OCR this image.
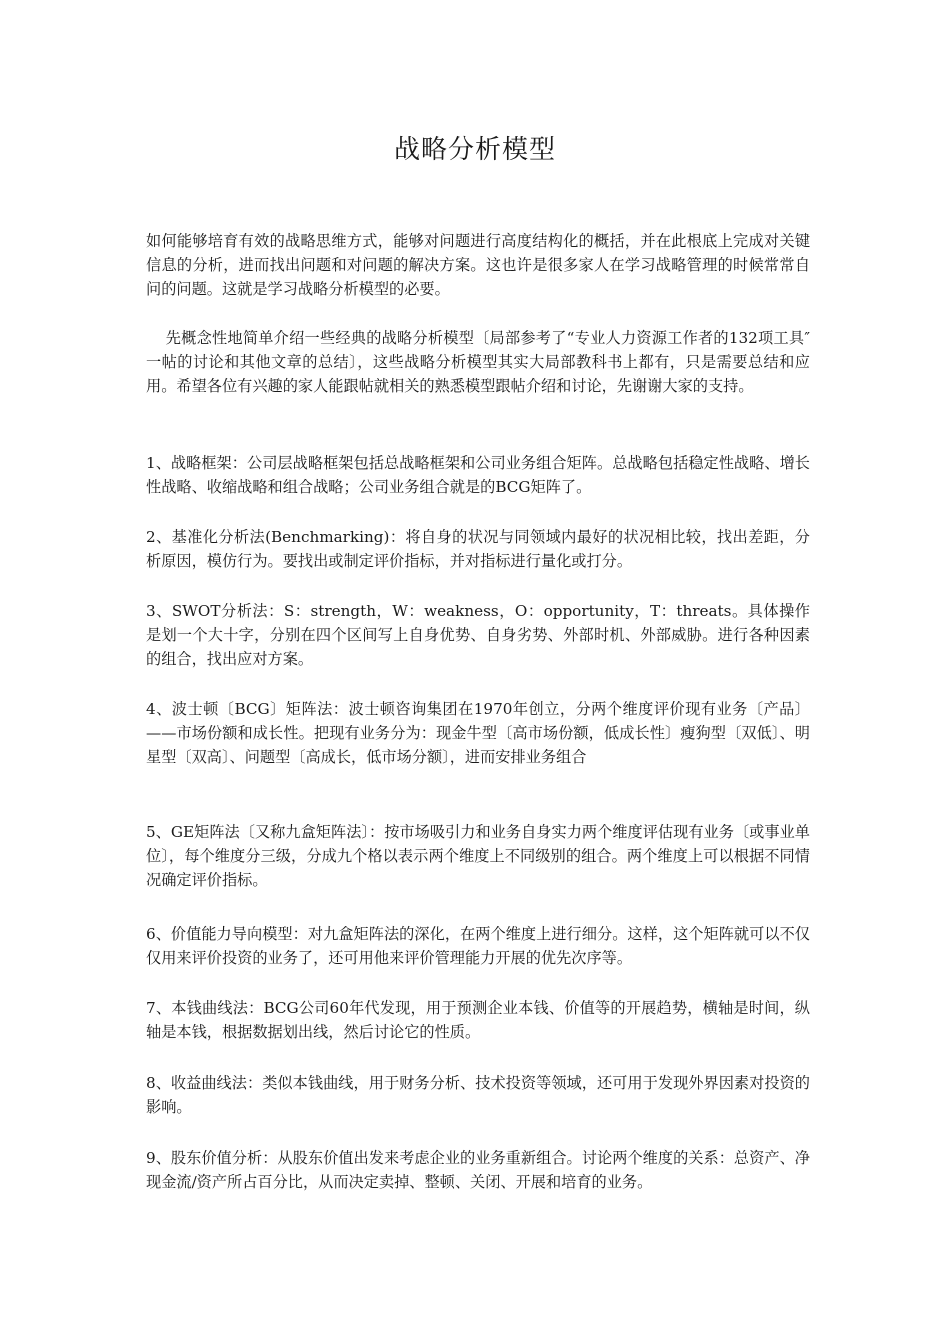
战略分析模型

如何能够培育有效的战略思维方式，能够对问题进行高度结构化的概括，并在此根底上完成对关键信息的分析，进而找出问题和对问题的解决方案。这也许是很多家人在学习战略管理的时候常常自问的问题。这就是学习战略分析模型的必要。

先概念性地简单介绍一些经典的战略分析模型〔局部参考了“专业人力资源工作者的132项工具″一帖的讨论和其他文章的总结〕，这些战略分析模型其实大局部教科书上都有，只是需要总结和应用。希望各位有兴趣的家人能跟帖就相关的熟悉模型跟帖介绍和讨论，先谢谢大家的支持。

1、战略框架：公司层战略框架包括总战略框架和公司业务组合矩阵。总战略包括稳定性战略、增长性战略、收缩战略和组合战略；公司业务组合就是的BCG矩阵了。

2、基准化分析法(Benchmarking)：将自身的状况与同领域内最好的状况相比较，找出差距，分析原因，模仿行为。要找出或制定评价指标，并对指标进行量化或打分。

3、SWOT分析法：S：strength，W：weakness，O：opportunity，T：threats。具体操作是划一个大十字，分别在四个区间写上自身优势、自身劣势、外部时机、外部威胁。进行各种因素的组合，找出应对方案。

4、波士顿〔BCG〕矩阵法：波士顿咨询集团在1970年创立，分两个维度评价现有业务〔产品〕——市场份额和成长性。把现有业务分为：现金牛型〔高市场份额，低成长性〕瘦狗型〔双低〕、明星型〔双高〕、问题型〔高成长，低市场分额〕，进而安排业务组合

5、GE矩阵法〔又称九盒矩阵法〕：按市场吸引力和业务自身实力两个维度评估现有业务〔或事业单位〕，每个维度分三级，分成九个格以表示两个维度上不同级别的组合。两个维度上可以根据不同情况确定评价指标。

6、价值能力导向模型：对九盒矩阵法的深化，在两个维度上进行细分。这样，这个矩阵就可以不仅仅用来评价投资的业务了，还可用他来评价管理能力开展的优先次序等。

7、本钱曲线法：BCG公司60年代发现，用于预测企业本钱、价值等的开展趋势，横轴是时间，纵轴是本钱，根据数据划出线，然后讨论它的性质。

8、收益曲线法：类似本钱曲线，用于财务分析、技术投资等领域，还可用于发现外界因素对投资的影响。

9、股东价值分析：从股东价值出发来考虑企业的业务重新组合。讨论两个维度的关系：总资产、净现金流/资产所占百分比，从而决定卖掉、整顿、关闭、开展和培育的业务。
